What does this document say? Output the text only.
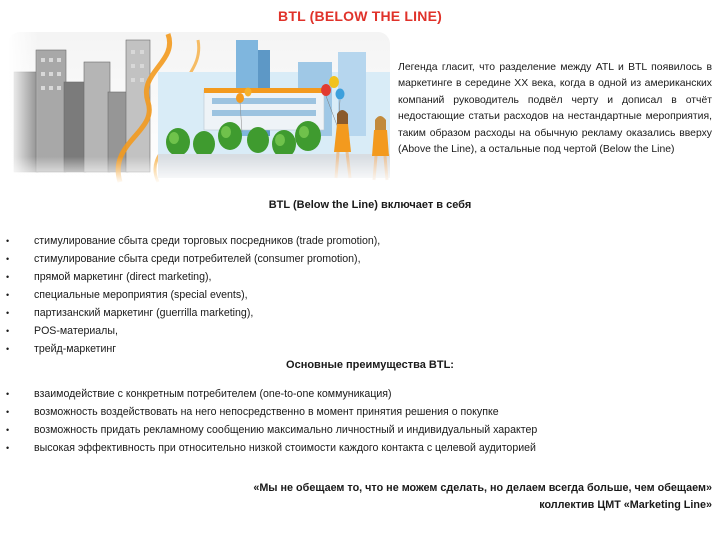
BTL (BELOW THE LINE)
Легенда гласит, что разделение между ATL и BTL появилось в маркетинге в середине XX века, когда в одной из американских компаний руководитель подвёл черту и дописал в отчёт недостающие статьи расходов на нестандартные мероприятия, таким образом расходы на обычную рекламу оказались вверху (Above the Line), а остальные под чертой (Below the Line)
BTL (Below the Line) включает в себя
• стимулирование сбыта среди торговых посредников (trade promotion),
• стимулирование сбыта среди потребителей (consumer promotion),
• прямой маркетинг (direct marketing),
• специальные мероприятия (special events),
• партизанский маркетинг (guerrilla marketing),
• POS-материалы,
• трейд-маркетинг
Основные преимущества BTL:
• взаимодействие с конкретным потребителем (one-to-one коммуникация)
• возможность воздействовать на него непосредственно в момент принятия решения о покупке
• возможность придать рекламному сообщению максимально личностный и индивидуальный характер
• высокая эффективность при относительно низкой стоимости каждого контакта с целевой аудиторией
«Мы не обещаем то, что не можем сделать, но делаем всегда больше, чем обещаем»
коллектив ЦМТ «Marketing Line»
